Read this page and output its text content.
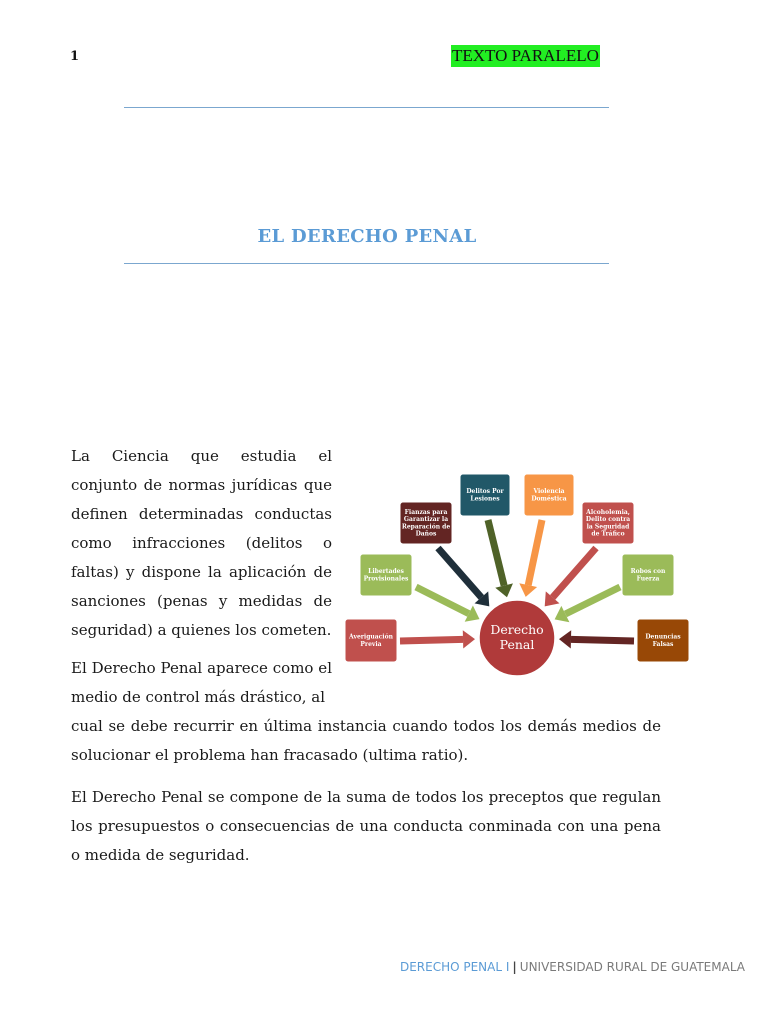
1	TEXTO PARALELO
EL DERECHO PENAL

La Ciencia que estudia el conjunto de normas jurídicas que definen determinadas conductas como infracciones (delitos o faltas) y dispone la aplicación de sanciones (penas y medidas de seguridad) a quienes los cometen.

El Derecho Penal aparece como el medio de control más drástico, al

cual se debe recurrir en última instancia cuando todos los demás medios de solucionar el problema han fracasado (ultima ratio).

El Derecho Penal se compone de la suma de todos los preceptos que regulan los presupuestos o consecuencias de una conducta conminada con una pena o medida de seguridad.

Averiguación
Previa
Libertades
Provisionales
Fianzas para
Garantizar la
Reparación de
Daños
Delitos Por
Lesiones
Violencia
Doméstica
Alcoholemia,
Delito contra
la Seguridad
de Tráfico
Robos con
Fuerza
Denuncias
Falsas
Derecho
Penal
DERECHO PENAL I | UNIVERSIDAD RURAL DE GUATEMALA
